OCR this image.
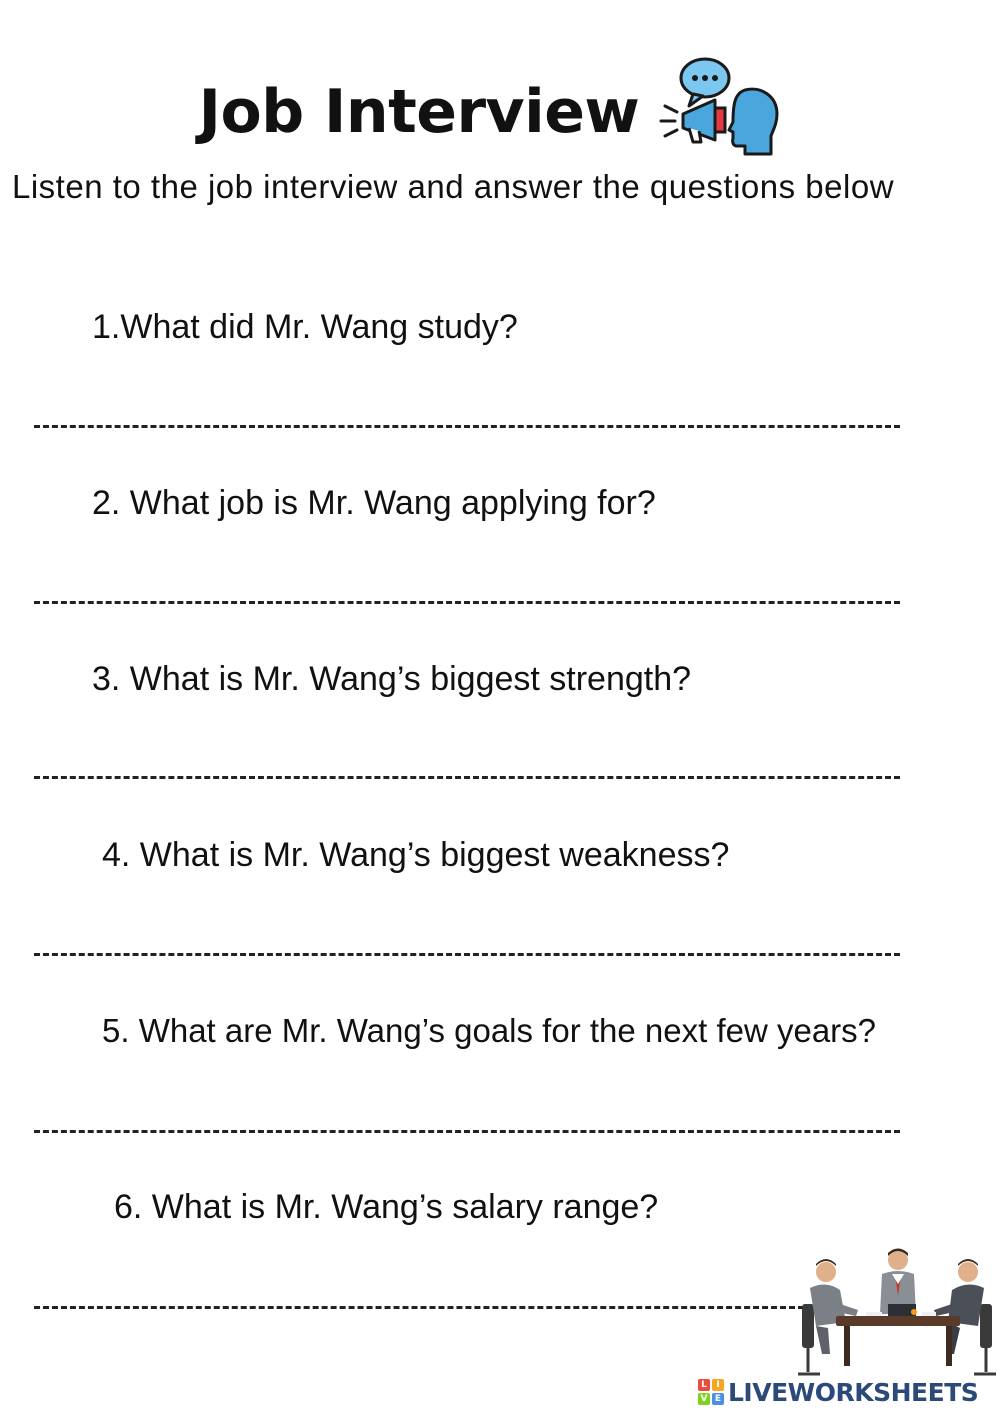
Job Interview
Listen to the job interview and answer the questions below
1.What did Mr. Wang study?
2. What job is Mr. Wang applying for?
3. What is Mr. Wang’s biggest strength?
4. What is Mr. Wang’s biggest weakness?
5. What are Mr. Wang’s goals for the next few years?
6. What is Mr. Wang’s salary range?
L	I
V E LIVEWORKSHEETS
